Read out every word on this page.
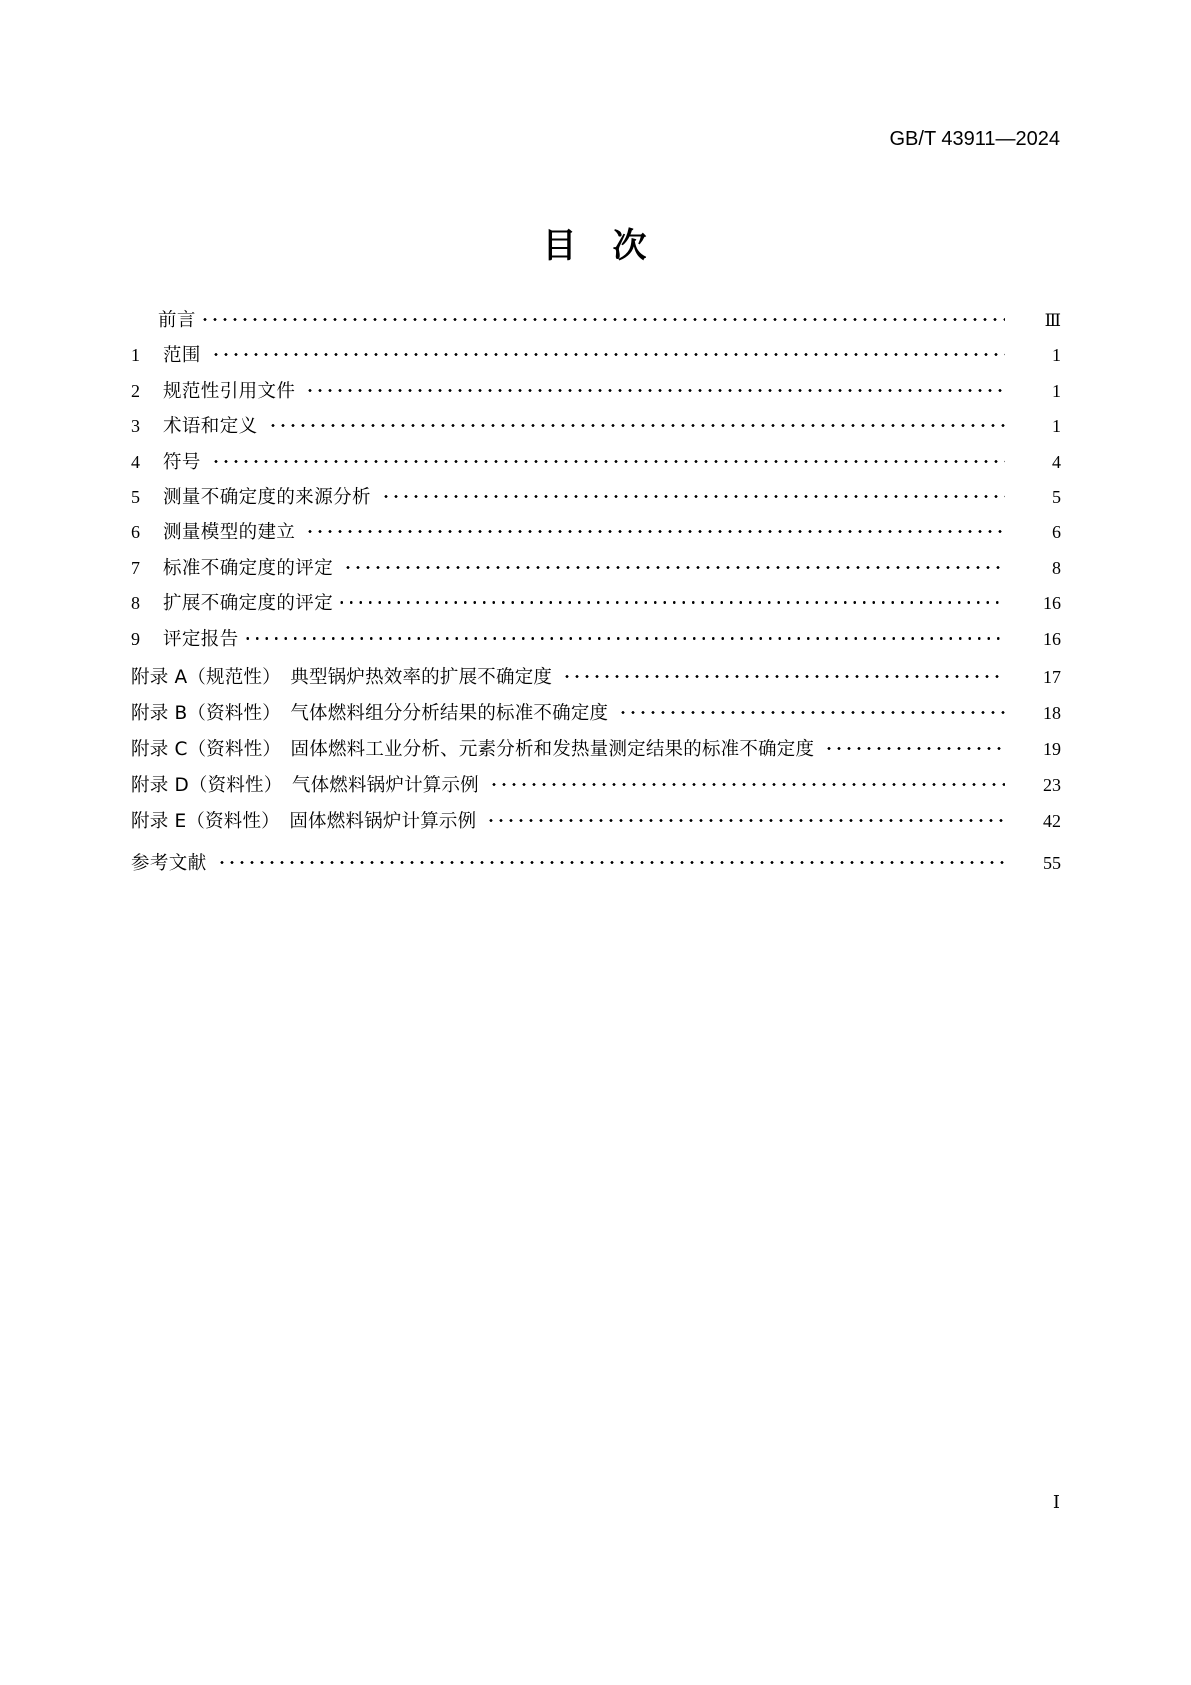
GB/T 43911—2024
目 次
前言	Ⅲ
1	范围	1
2	规范性引用文件	1
3	术语和定义	1
4	符号	4
5	测量不确定度的来源分析	5
6	测量模型的建立	6
7	标准不确定度的评定	8
8	扩展不确定度的评定	16
9	评定报告	16
附录 A（规范性）　典型锅炉热效率的扩展不确定度	17
附录 B（资料性）　气体燃料组分分析结果的标准不确定度	18
附录 C（资料性）　固体燃料工业分析、元素分析和发热量测定结果的标准不确定度	19
附录 D（资料性）　气体燃料锅炉计算示例	23
附录 E（资料性）　固体燃料锅炉计算示例	42
参考文献	55
Ⅰ
